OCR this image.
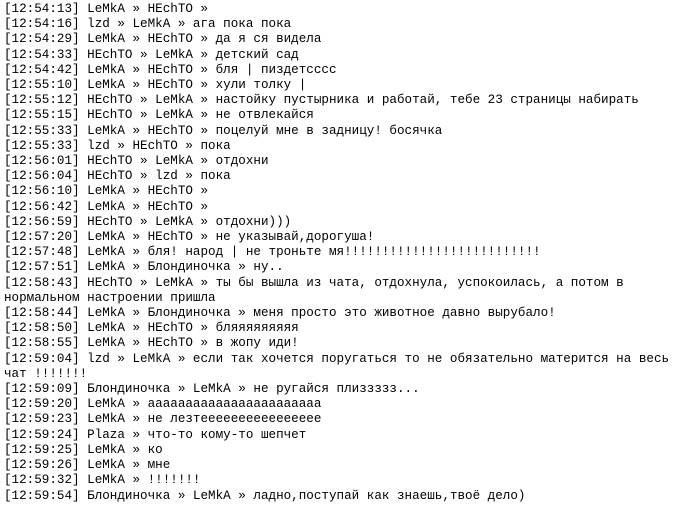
[12:54:13] LeMkA » HEchTO »
[12:54:16] lzd » LeMkA » ага пока пока
[12:54:29] LeMkA » HEchTO » да я ся видела
[12:54:33] HEchTO » LeMkA » детский сад
[12:54:42] LeMkA » HEchTO » бля | пиздетсссс
[12:55:10] LeMkA » HEchTO » хули толку |
[12:55:12] HEchTO » LeMkA » настойку пустырника и работай, тебе 23 страницы набирать
[12:55:15] HEchTO » LeMkA » не отвлекайся
[12:55:33] LeMkA » HEchTO » поцелуй мне в задницу! босячка
[12:55:33] lzd » HEchTO » пока
[12:56:01] HEchTO » LeMkA » отдохни
[12:56:04] HEchTO » lzd » пока
[12:56:10] LeMkA » HEchTO »
[12:56:42] LeMkA » HEchTO »
[12:56:59] HEchTO » LeMkA » отдохни)))
[12:57:20] LeMkA » HEchTO » не указывай,дорогуша!
[12:57:48] LeMkA » бля! народ | не троньте мя!!!!!!!!!!!!!!!!!!!!!!!!!!
[12:57:51] LeMkA » Блондиночка » ну..
[12:58:43] HEchTO » LeMkA » ты бы вышла из чата, отдохнула, успокоилась, а потом в нормальном настроении пришла
[12:58:44] LeMkA » Блондиночка » меня просто это животное давно вырубало!
[12:58:50] LeMkA » HEchTO » бляяяяяяяяя
[12:58:55] LeMkA » HEchTO » в жопу иди!
[12:59:04] lzd » LeMkA » если так хочется поругаться то не обязательно матерится на весь чат !!!!!!!
[12:59:09] Блондиночка » LeMkA » не ругайся плиззззз...
[12:59:20] LeMkA » ааааааааааааааааааааааа
[12:59:23] LeMkA » не лезтееееееееееееееее
[12:59:24] Plaza » что-то кому-то шепчет
[12:59:25] LeMkA » ко
[12:59:26] LeMkA » мне
[12:59:32] LeMkA » !!!!!!!
[12:59:54] Блондиночка » LeMkA » ладно,поступай как знаешь,твоё дело)
